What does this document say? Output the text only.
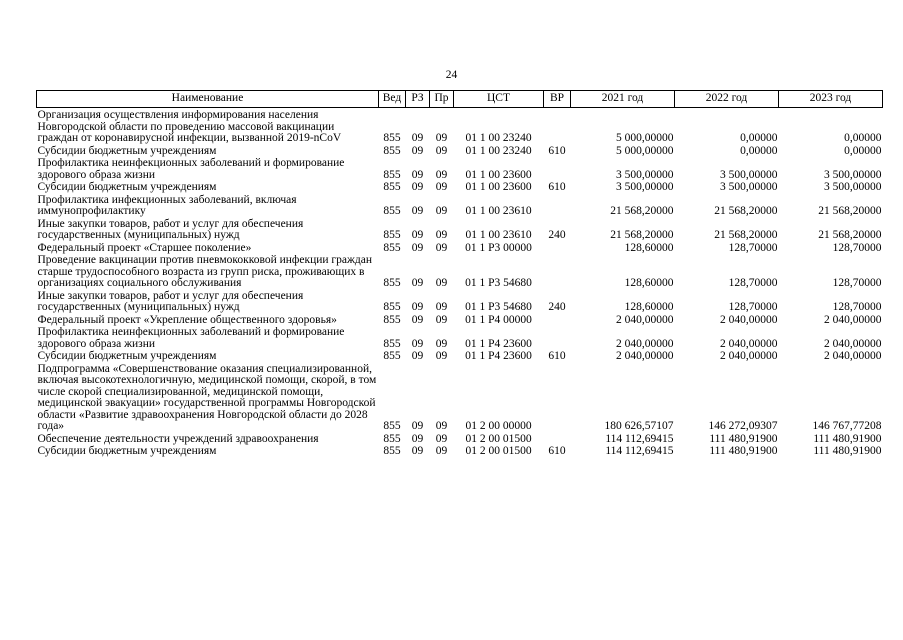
24
Наименование	Вед	РЗ	Пр	ЦСТ	ВР	2021 год	2022 год	2023 год
Организация осуществления информирования населения Новгородской области по проведению массовой вакцинации граждан от коронавирусной инфекции, вызванной 2019-nCoV	855	09	09	01 1 00 23240		5 000,00000	0,00000	0,00000
Субсидии бюджетным учреждениям	855	09	09	01 1 00 23240	610	5 000,00000	0,00000	0,00000
Профилактика неинфекционных заболеваний и формирование здорового образа жизни	855	09	09	01 1 00 23600		3 500,00000	3 500,00000	3 500,00000
Субсидии бюджетным учреждениям	855	09	09	01 1 00 23600	610	3 500,00000	3 500,00000	3 500,00000
Профилактика инфекционных заболеваний, включая иммунопрофилактику	855	09	09	01 1 00 23610		21 568,20000	21 568,20000	21 568,20000
Иные закупки товаров, работ и услуг для обеспечения государственных (муниципальных) нужд	855	09	09	01 1 00 23610	240	21 568,20000	21 568,20000	21 568,20000
Федеральный проект «Старшее поколение»	855	09	09	01 1 P3 00000		128,60000	128,70000	128,70000
Проведение вакцинации против пневмококковой инфекции граждан старше трудоспособного возраста из групп риска, проживающих в организациях социального обслуживания	855	09	09	01 1 P3 54680		128,60000	128,70000	128,70000
Иные закупки товаров, работ и услуг для обеспечения государственных (муниципальных) нужд	855	09	09	01 1 P3 54680	240	128,60000	128,70000	128,70000
Федеральный проект «Укрепление общественного здоровья»	855	09	09	01 1 P4 00000		2 040,00000	2 040,00000	2 040,00000
Профилактика неинфекционных заболеваний и формирование здорового образа жизни	855	09	09	01 1 P4 23600		2 040,00000	2 040,00000	2 040,00000
Субсидии бюджетным учреждениям	855	09	09	01 1 P4 23600	610	2 040,00000	2 040,00000	2 040,00000
Подпрограмма «Совершенствование оказания специализированной, включая высокотехнологичную, медицинской помощи, скорой, в том числе скорой специализированной, медицинской помощи, медицинской эвакуации» государственной программы Новгородской области «Развитие здравоохранения Новгородской области до 2028 года»	855	09	09	01 2 00 00000		180 626,57107	146 272,09307	146 767,77208
Обеспечение деятельности учреждений здравоохранения	855	09	09	01 2 00 01500		114 112,69415	111 480,91900	111 480,91900
Субсидии бюджетным учреждениям	855	09	09	01 2 00 01500	610	114 112,69415	111 480,91900	111 480,91900
